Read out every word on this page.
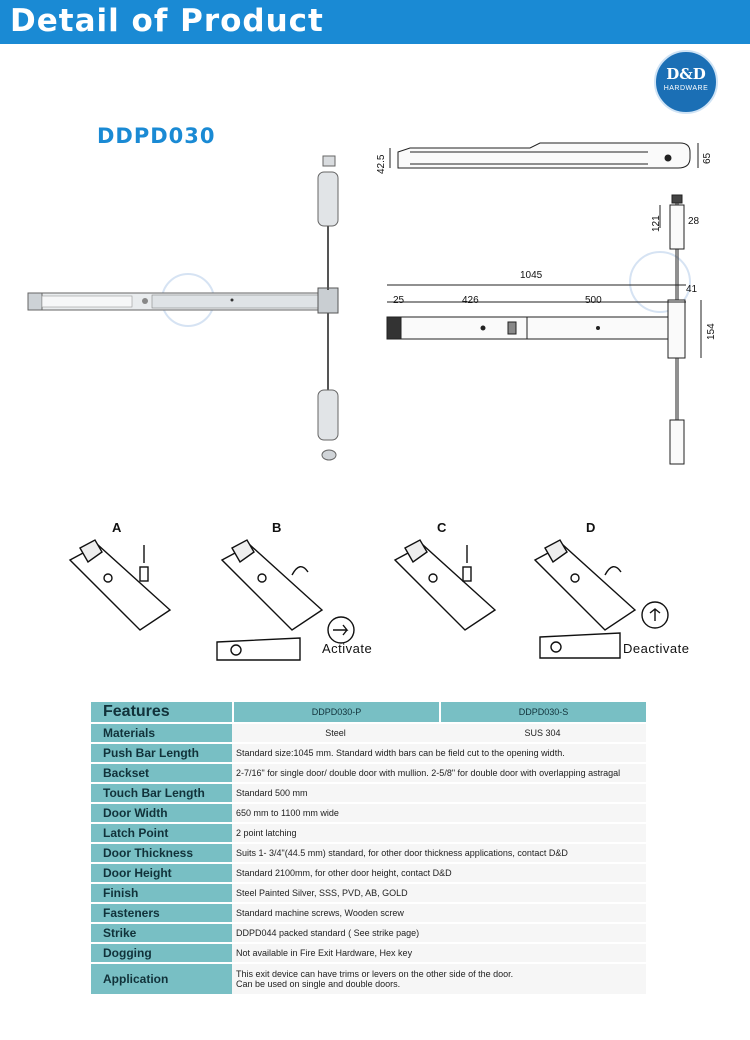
Detail of Product
D&D
HARDWARE
DDPD030
42.5	65
121	28
1045
25	426	500
41
154
A	B	C	D
Activate	Deactivate
Features	DDPD030-P	DDPD030-S
Materials	Steel	SUS 304
Push Bar Length	Standard size:1045 mm. Standard width bars can be field cut to the opening width.	
Backset	2-7/16" for single door/ double door with mullion. 2-5/8" for double door with overlapping astragal	
Touch Bar Length	Standard 500 mm	
Door Width	650 mm to 1100 mm wide	
Latch Point	2 point latching	
Door Thickness	Suits 1- 3/4"(44.5 mm) standard, for other door thickness applications, contact D&D	
Door Height	Standard 2100mm, for other door height, contact D&D	
Finish	Steel Painted Silver, SSS, PVD, AB, GOLD	
Fasteners	Standard machine screws, Wooden screw	
Strike	DDPD044 packed standard ( See strike page)	
Dogging	Not available in Fire Exit Hardware, Hex key	
Application	This exit device can have trims or levers on the other side of the door.
Can be used on single and double doors.	
